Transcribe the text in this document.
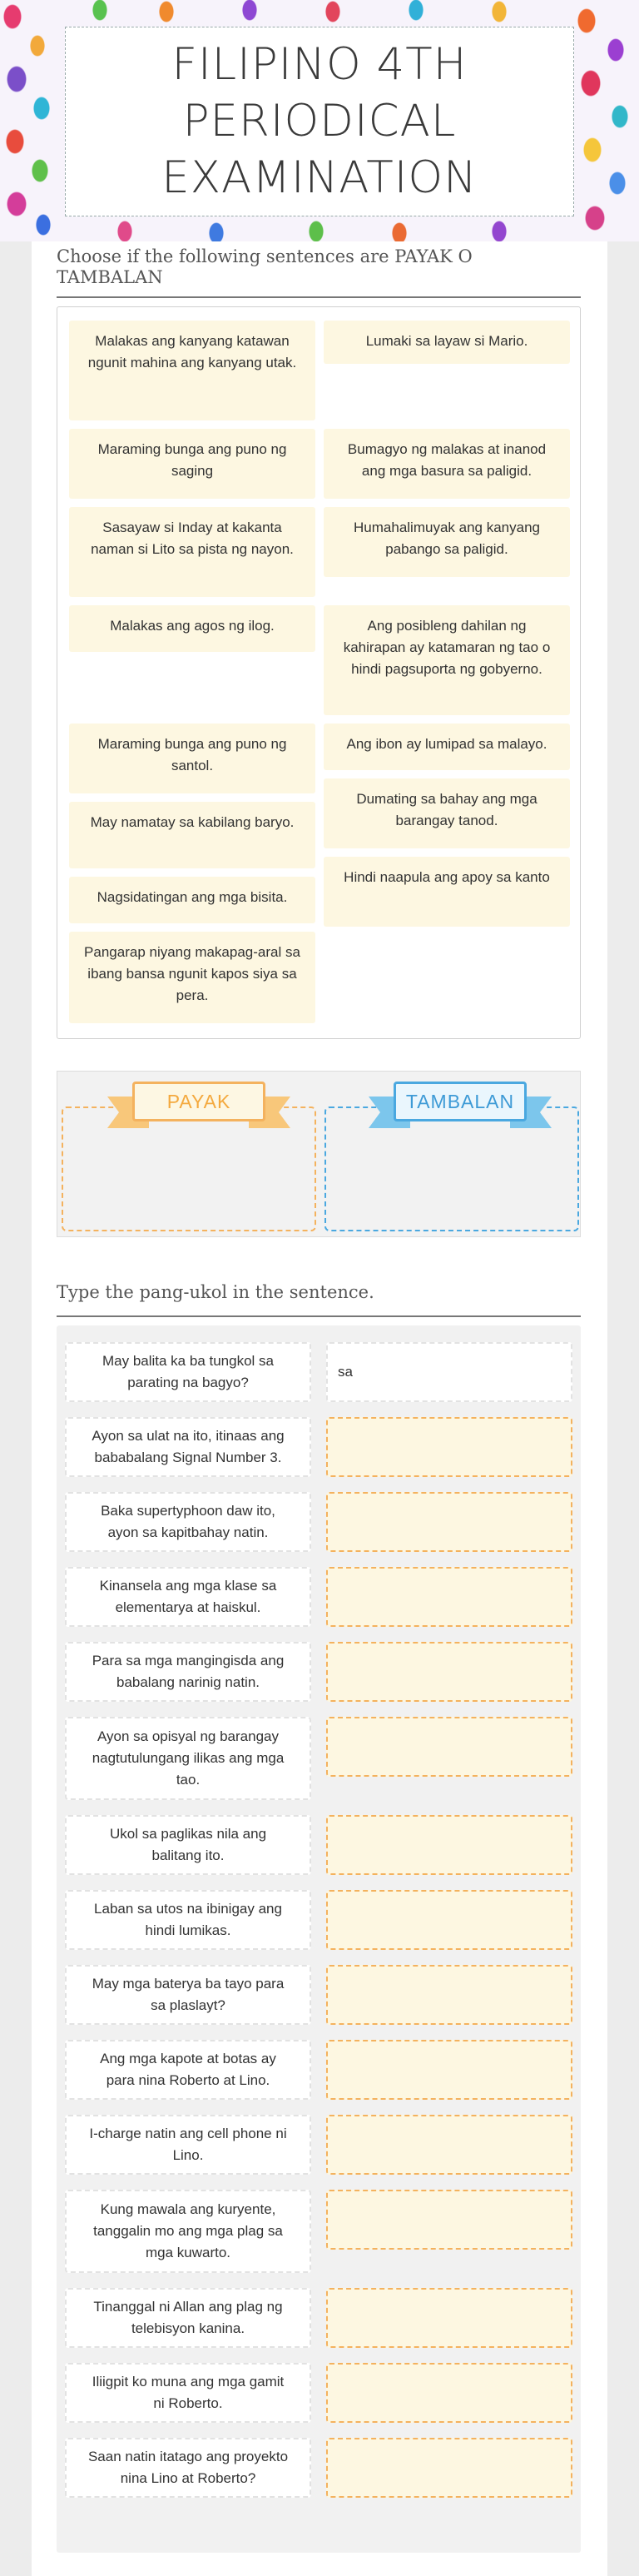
FILIPINO 4TH PERIODICAL EXAMINATION
Choose if the following sentences are PAYAK O TAMBALAN
Malakas ang kanyang katawan ngunit mahina ang kanyang utak.
Lumaki sa layaw si Mario.
Maraming bunga ang puno ng saging
Bumagyo ng malakas at inanod ang mga basura sa paligid.
Sasayaw si Inday at kakanta naman si Lito sa pista ng nayon.
Humahalimuyak ang kanyang pabango sa paligid.
Malakas ang agos ng ilog.	Ang posibleng dahilan ng kahirapan ay katamaran ng tao o hindi pagsuporta ng gobyerno.
Maraming bunga ang puno ng santol.
Ang ibon ay lumipad sa malayo.
May namatay sa kabilang baryo.
Dumating sa bahay ang mga barangay tanod.
Nagsidatingan ang mga bisita.
Hindi naapula ang apoy sa kanto
Pangarap niyang makapag-aral sa ibang bansa ngunit kapos siya sa pera.
PAYAK	TAMBALAN
Type the pang-ukol in the sentence.
May balita ka ba tungkol sa parating na bagyo?
sa
Ayon sa ulat na ito, itinaas ang bababalang Signal Number 3.
Baka supertyphoon daw ito, ayon sa kapitbahay natin.
Kinansela ang mga klase sa elementarya at haiskul.
Para sa mga mangingisda ang babalang narinig natin.
Ayon sa opisyal ng barangay nagtutulungang ilikas ang mga tao.
Ukol sa paglikas nila ang balitang ito.
Laban sa utos na ibinigay ang hindi lumikas.
May mga baterya ba tayo para sa plaslayt?
Ang mga kapote at botas ay para nina Roberto at Lino.
I-charge natin ang cell phone ni Lino.
Kung mawala ang kuryente, tanggalin mo ang mga plag sa mga kuwarto.
Tinanggal ni Allan ang plag ng telebisyon kanina.
Iliigpit ko muna ang mga gamit ni Roberto.
Saan natin itatago ang proyekto nina Lino at Roberto?
